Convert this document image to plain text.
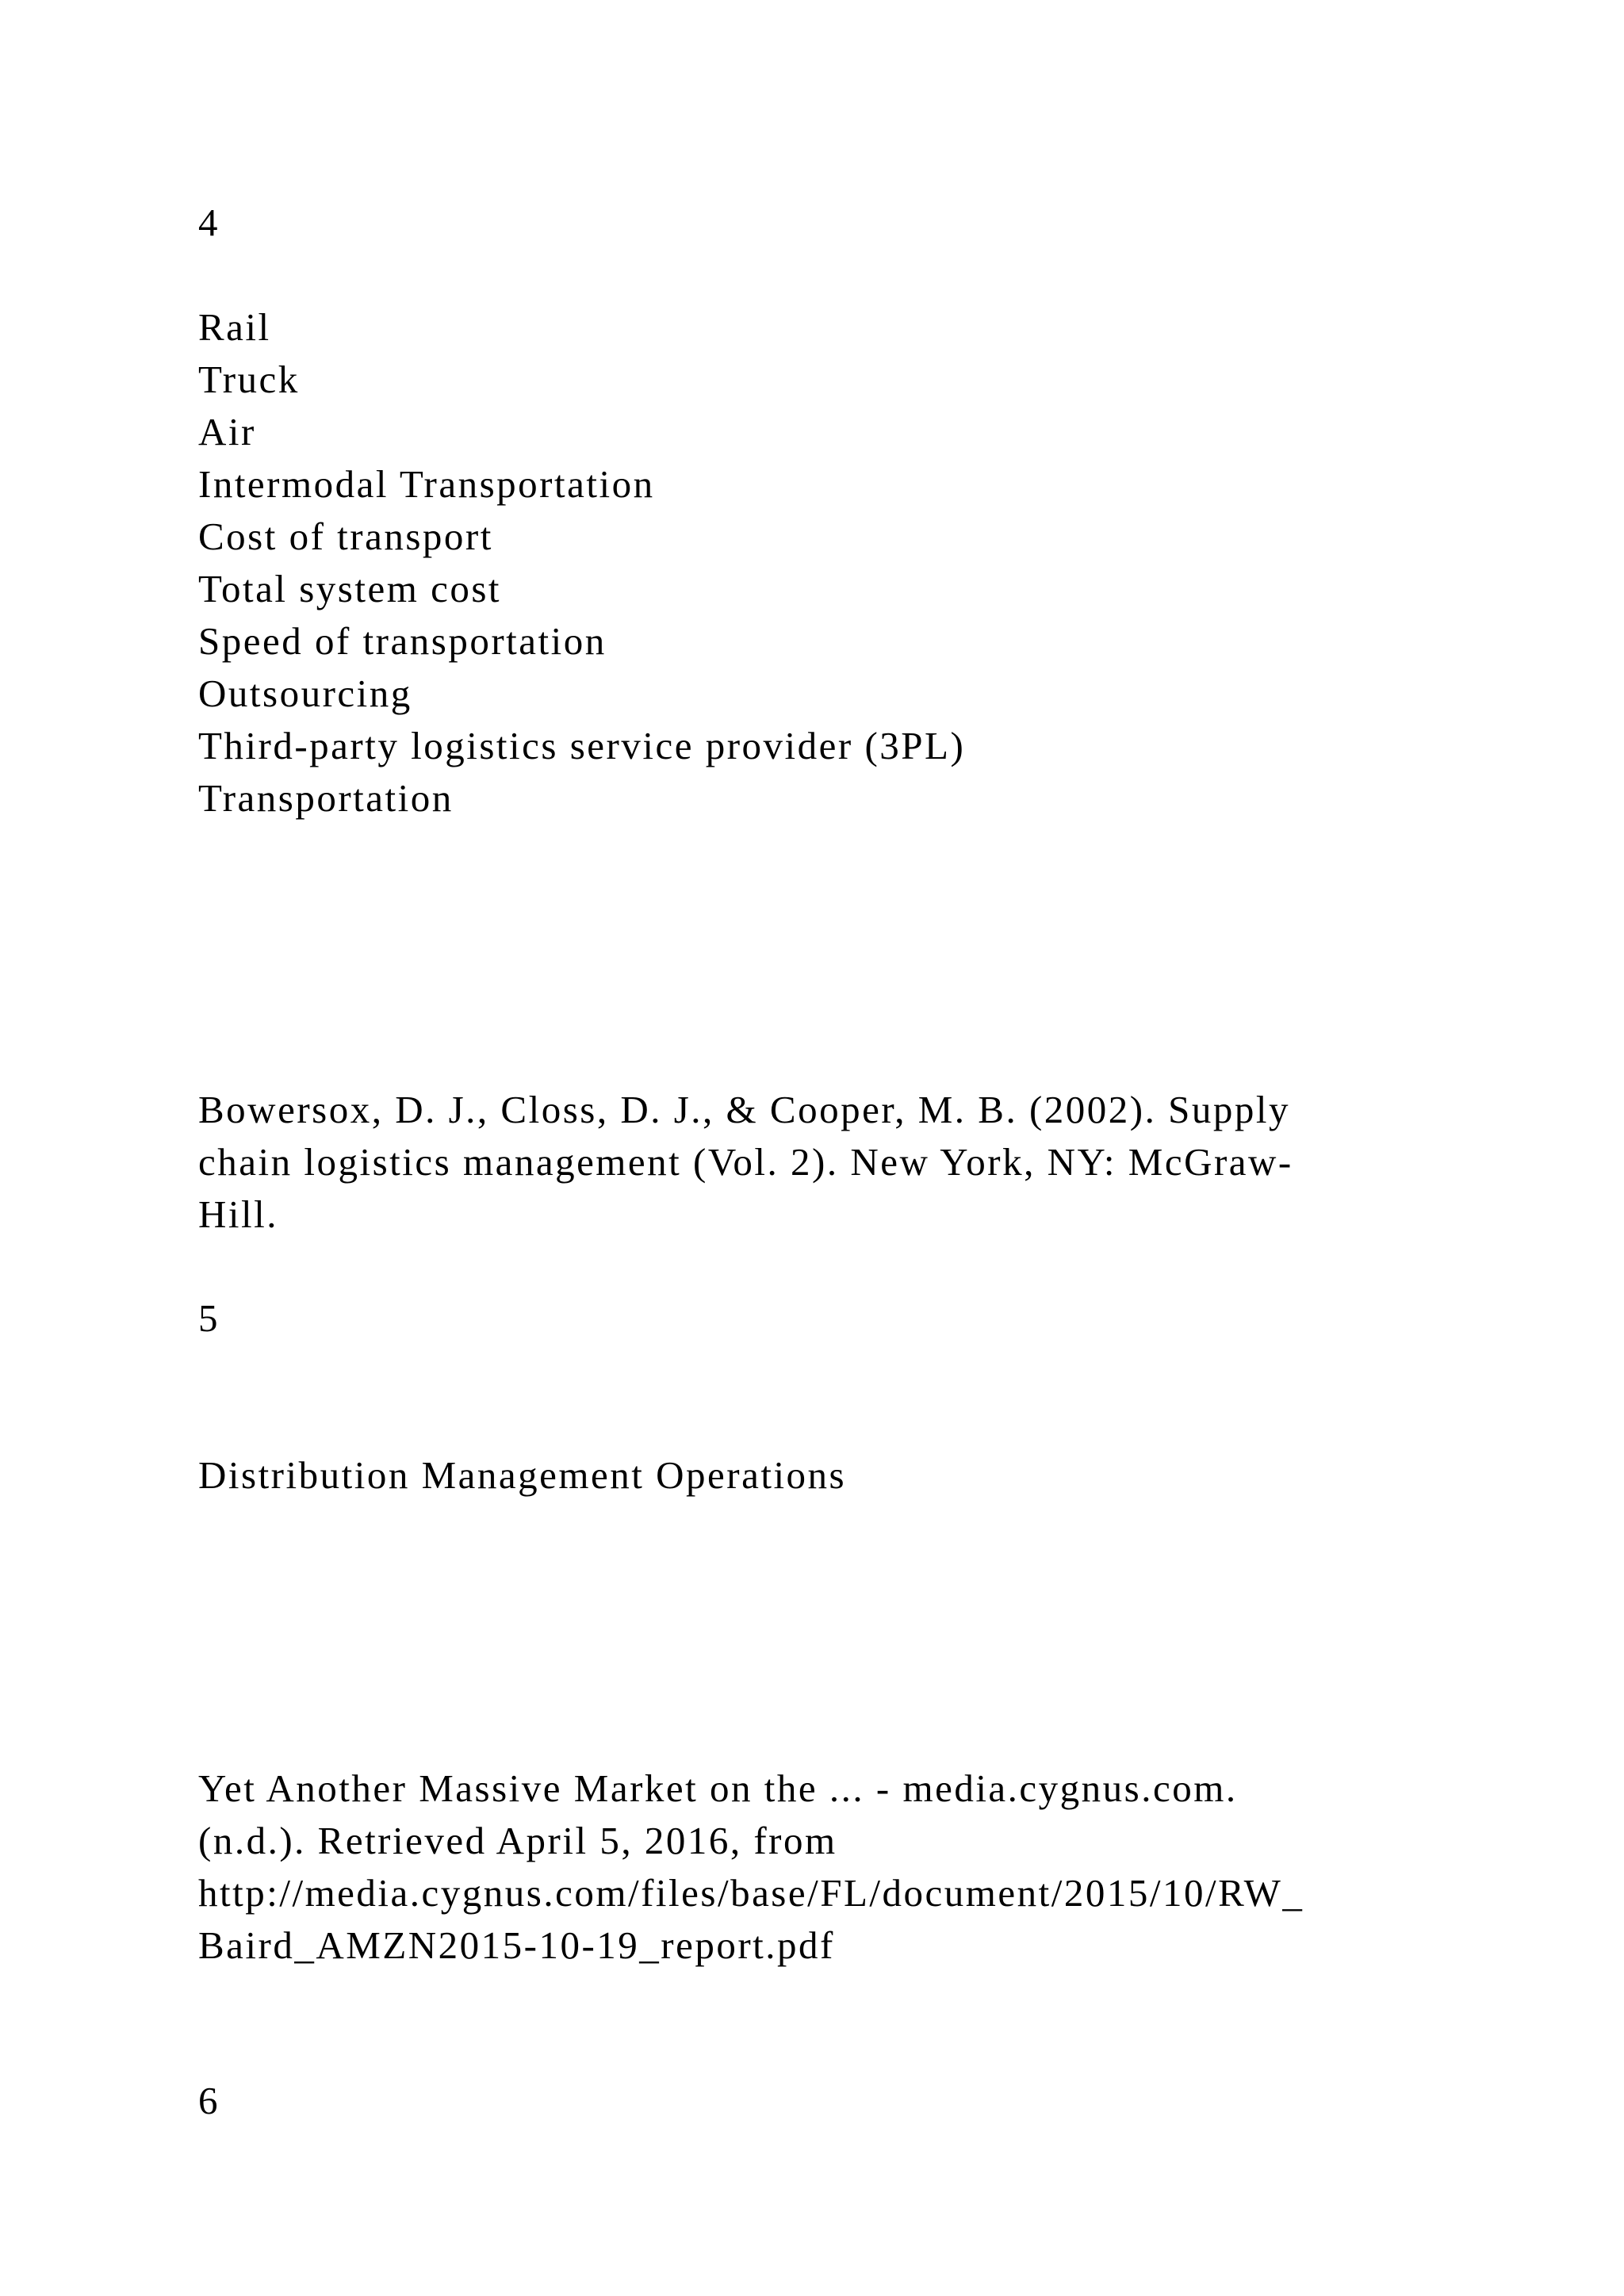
4
Rail
Truck
Air
Intermodal Transportation
Cost of transport
Total system cost
Speed of transportation
Outsourcing
Third-party logistics service provider (3PL)
Transportation
Bowersox, D. J., Closs, D. J., & Cooper, M. B. (2002). Supply
chain logistics management (Vol. 2). New York, NY: McGraw-
Hill.
5
Distribution Management Operations
Yet Another Massive Market on the ... - media.cygnus.com.
(n.d.). Retrieved April 5, 2016, from
http://media.cygnus.com/files/base/FL/document/2015/10/RW_
Baird_AMZN2015-10-19_report.pdf
6
